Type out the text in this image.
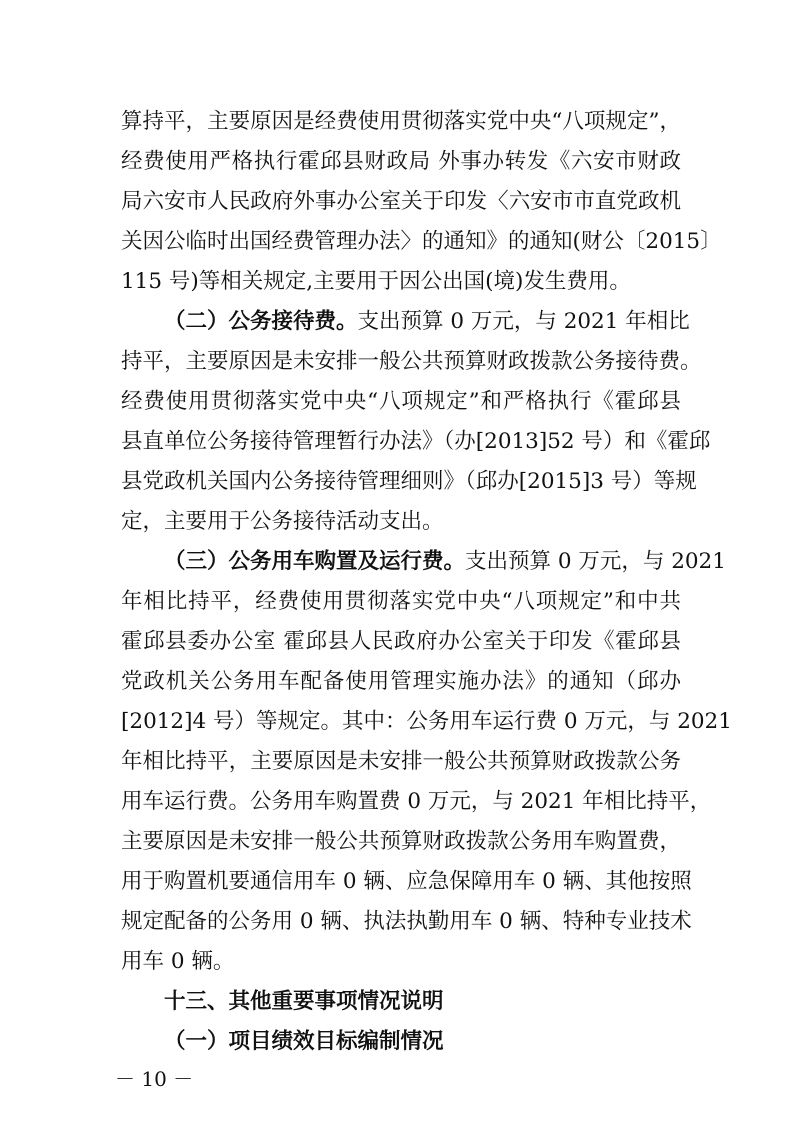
算持平，主要原因是经费使用贯彻落实党中央“八项规定”，
经费使用严格执行霍邱县财政局 外事办转发《六安市财政
局六安市人民政府外事办公室关于印发〈六安市市直党政机
关因公临时出国经费管理办法〉的通知》的通知(财公〔2015〕
115 号)等相关规定,主要用于因公出国(境)发生费用。
（二）公务接待费。支出预算 0 万元，与 2021 年相比
持平，主要原因是未安排一般公共预算财政拨款公务接待费。
经费使用贯彻落实党中央“八项规定”和严格执行《霍邱县
县直单位公务接待管理暂行办法》（办[2013]52 号）和《霍邱
县党政机关国内公务接待管理细则》（邱办[2015]3 号）等规
定，主要用于公务接待活动支出。
（三）公务用车购置及运行费。支出预算 0 万元，与 2021
年相比持平，经费使用贯彻落实党中央“八项规定”和中共
霍邱县委办公室 霍邱县人民政府办公室关于印发《霍邱县
党政机关公务用车配备使用管理实施办法》的通知（邱办
[2012]4 号）等规定。其中：公务用车运行费 0 万元，与 2021
年相比持平，主要原因是未安排一般公共预算财政拨款公务
用车运行费。公务用车购置费 0 万元，与 2021 年相比持平，
主要原因是未安排一般公共预算财政拨款公务用车购置费，
用于购置机要通信用车 0 辆、应急保障用车 0 辆、其他按照
规定配备的公务用 0 辆、执法执勤用车 0 辆、特种专业技术
用车 0 辆。
十三、其他重要事项情况说明
（一）项目绩效目标编制情况
－ 10 －
